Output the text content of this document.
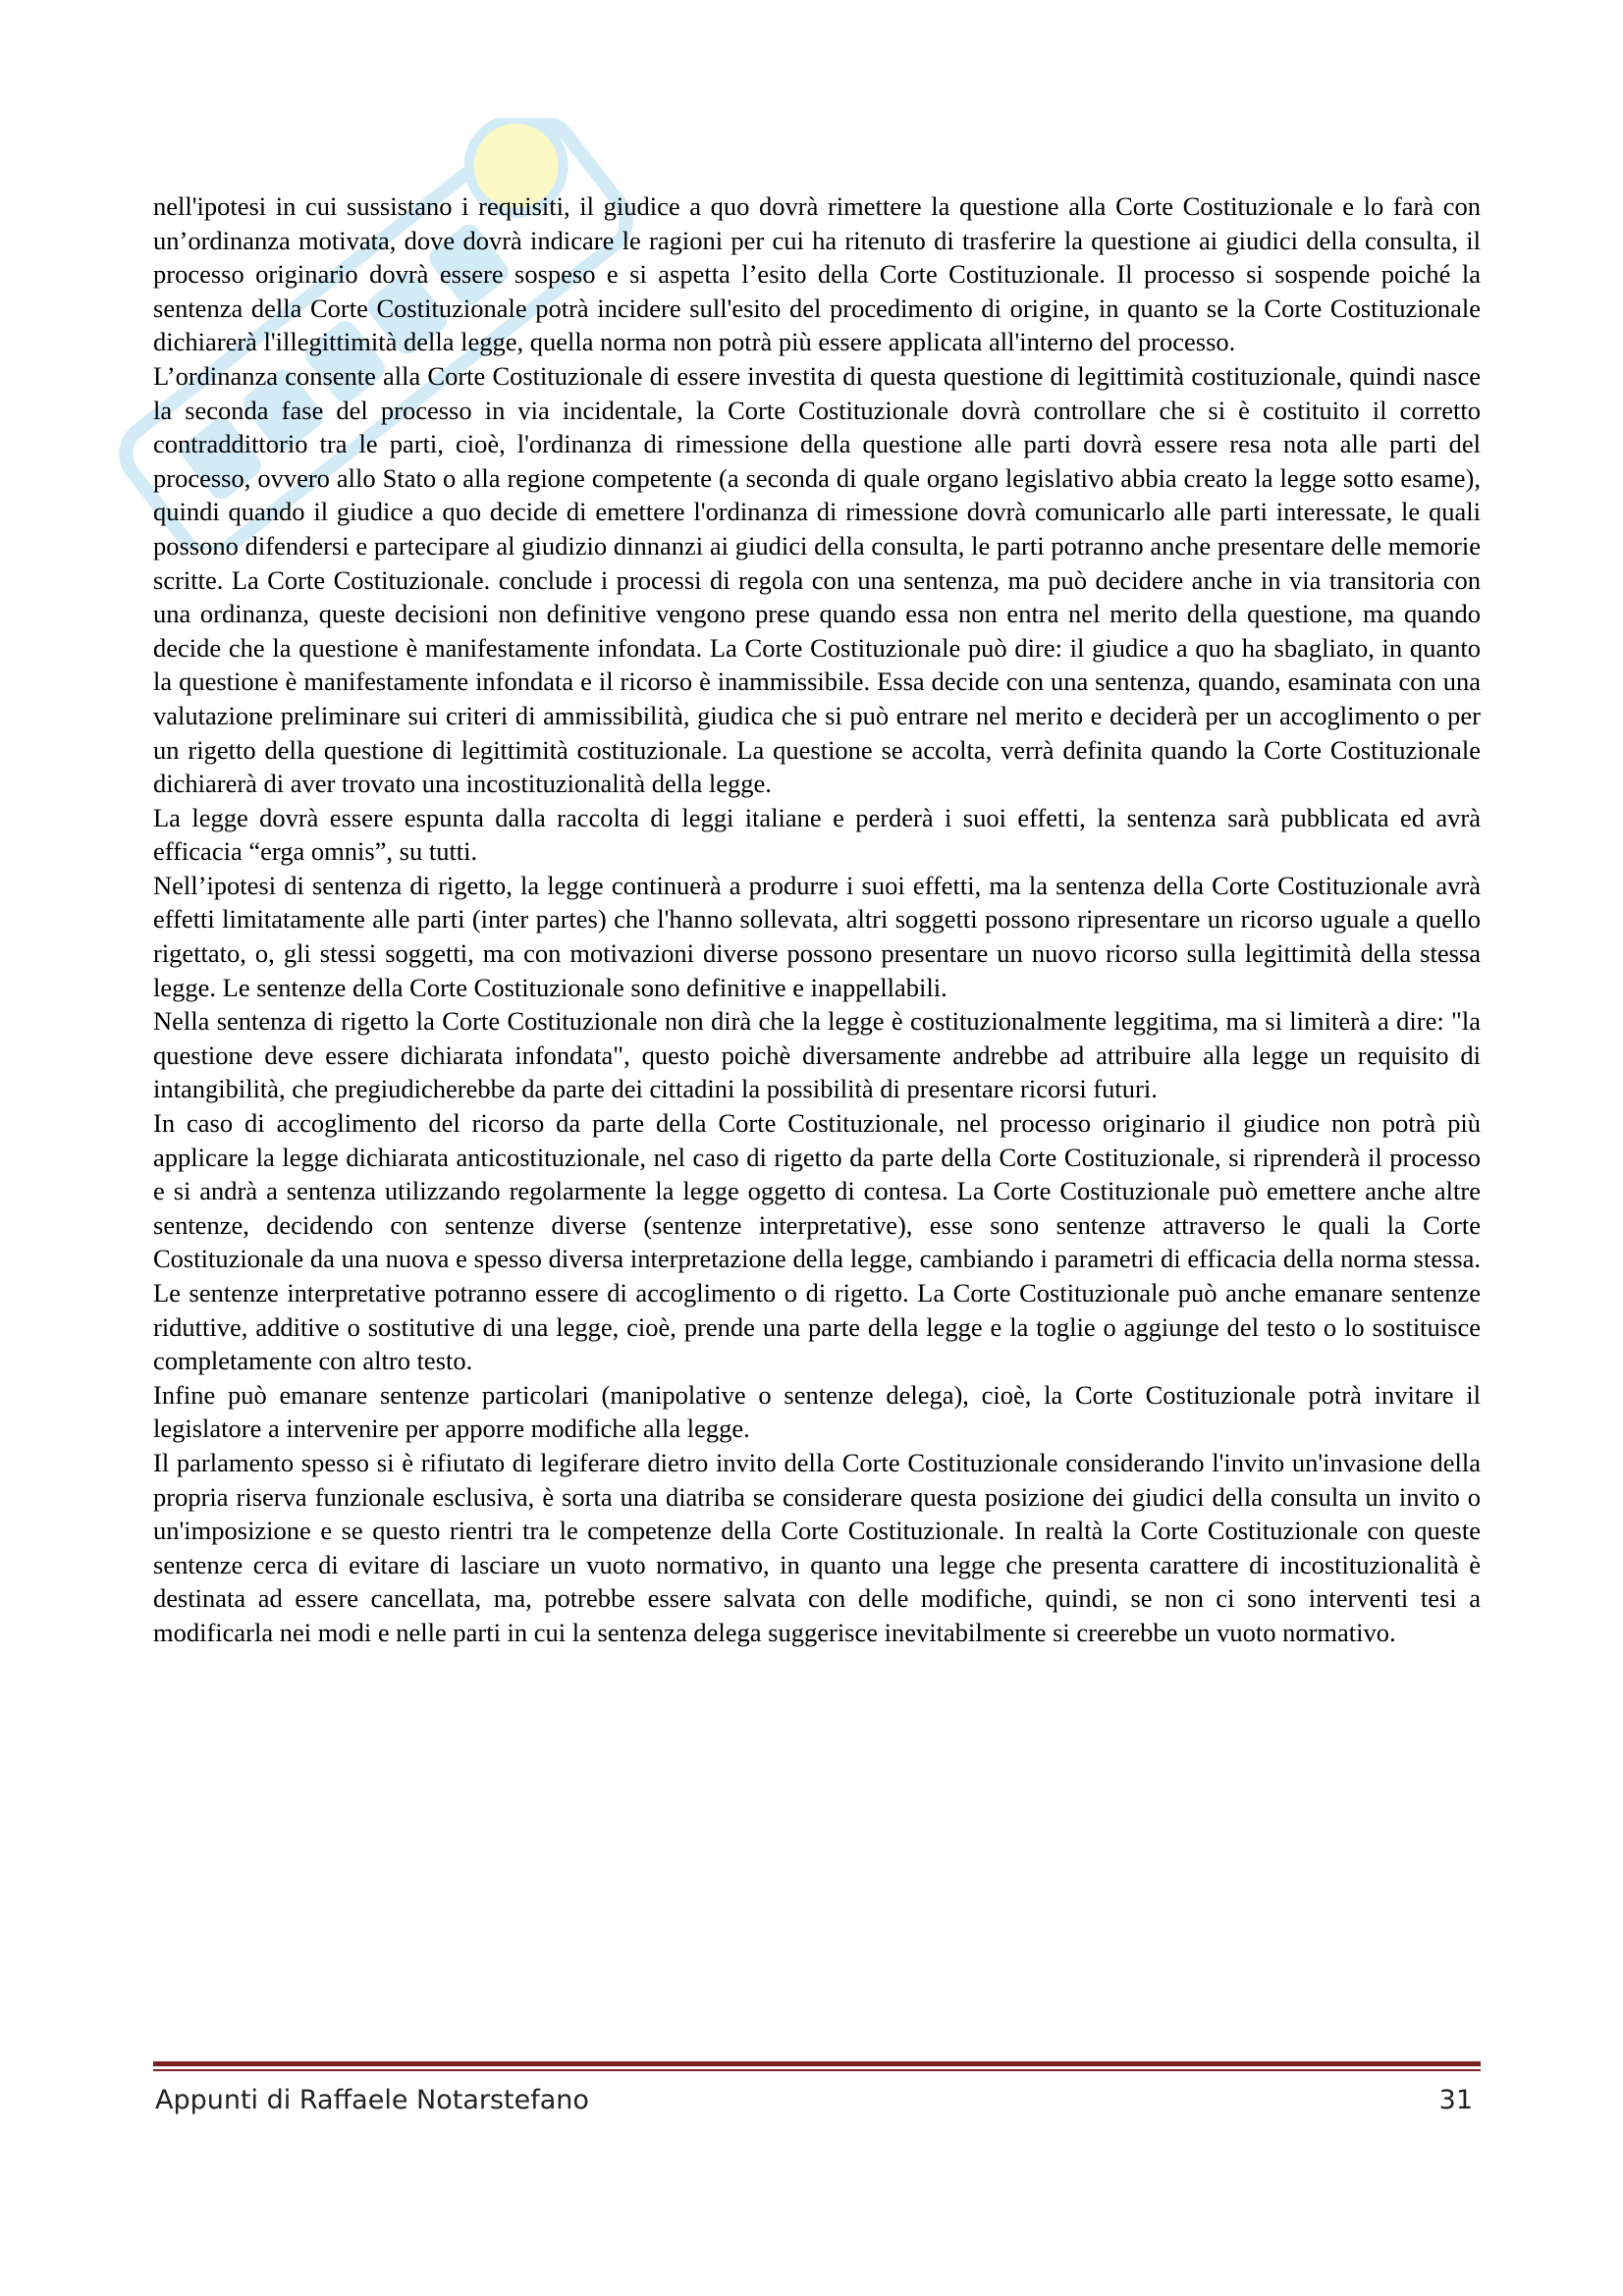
nell'ipotesi in cui sussistano i requisiti, il giudice a quo dovrà rimettere la questione alla Corte Costituzionale e lo farà con un’ordinanza motivata, dove dovrà indicare le ragioni per cui ha ritenuto di trasferire la questione ai giudici della consulta, il processo originario dovrà essere sospeso e si aspetta l’esito della Corte Costituzionale. Il processo si sospende poiché la sentenza della Corte Costituzionale potrà incidere sull'esito del procedimento di origine, in quanto se la Corte Costituzionale dichiarerà l'illegittimità della legge, quella norma non potrà più essere applicata all'interno del processo.

L’ordinanza consente alla Corte Costituzionale di essere investita di questa questione di legittimità costituzionale, quindi nasce la seconda fase del processo in via incidentale, la Corte Costituzionale dovrà controllare che si è costituito il corretto contraddittorio tra le parti, cioè, l'ordinanza di rimessione della questione alle parti dovrà essere resa nota alle parti del processo, ovvero allo Stato o alla regione competente (a seconda di quale organo legislativo abbia creato la legge sotto esame), quindi quando il giudice a quo decide di emettere l'ordinanza di rimessione dovrà comunicarlo alle parti interessate, le quali possono difendersi e partecipare al giudizio dinnanzi ai giudici della consulta, le parti potranno anche presentare delle memorie scritte. La Corte Costituzionale. conclude i processi di regola con una sentenza, ma può decidere anche in via transitoria con una ordinanza, queste decisioni non definitive vengono prese quando essa non entra nel merito della questione, ma quando decide che la questione è manifestamente infondata. La Corte Costituzionale può dire: il giudice a quo ha sbagliato, in quanto la questione è manifestamente infondata e il ricorso è inammissibile. Essa decide con una sentenza, quando, esaminata con una valutazione preliminare sui criteri di ammissibilità, giudica che si può entrare nel merito e deciderà per un accoglimento o per un rigetto della questione di legittimità costituzionale. La questione se accolta, verrà definita quando la Corte Costituzionale dichiarerà di aver trovato una incostituzionalità della legge.

La legge dovrà essere espunta dalla raccolta di leggi italiane e perderà i suoi effetti, la sentenza sarà pubblicata ed avrà efficacia “erga omnis”, su tutti.

Nell’ipotesi di sentenza di rigetto, la legge continuerà a produrre i suoi effetti, ma la sentenza della Corte Costituzionale avrà effetti limitatamente alle parti (inter partes) che l'hanno sollevata, altri soggetti possono ripresentare un ricorso uguale a quello rigettato, o, gli stessi soggetti, ma con motivazioni diverse possono presentare un nuovo ricorso sulla legittimità della stessa legge. Le sentenze della Corte Costituzionale sono definitive e inappellabili.

Nella sentenza di rigetto la Corte Costituzionale non dirà che la legge è costituzionalmente leggitima, ma si limiterà a dire: "la questione deve essere dichiarata infondata", questo poichè diversamente andrebbe ad attribuire alla legge un requisito di intangibilità, che pregiudicherebbe da parte dei cittadini la possibilità di presentare ricorsi futuri.

In caso di accoglimento del ricorso da parte della Corte Costituzionale, nel processo originario il giudice non potrà più applicare la legge dichiarata anticostituzionale, nel caso di rigetto da parte della Corte Costituzionale, si riprenderà il processo e si andrà a sentenza utilizzando regolarmente la legge oggetto di contesa. La Corte Costituzionale può emettere anche altre sentenze, decidendo con sentenze diverse (sentenze interpretative), esse sono sentenze attraverso le quali la Corte Costituzionale da una nuova e spesso diversa interpretazione della legge, cambiando i parametri di efficacia della norma stessa. Le sentenze interpretative potranno essere di accoglimento o di rigetto. La Corte Costituzionale può anche emanare sentenze riduttive, additive o sostitutive di una legge, cioè, prende una parte della legge e la toglie o aggiunge del testo o lo sostituisce completamente con altro testo.

Infine può emanare sentenze particolari (manipolative o sentenze delega), cioè, la Corte Costituzionale potrà invitare il legislatore a intervenire per apporre modifiche alla legge.

Il parlamento spesso si è rifiutato di legiferare dietro invito della Corte Costituzionale considerando l'invito un'invasione della propria riserva funzionale esclusiva, è sorta una diatriba se considerare questa posizione dei giudici della consulta un invito o un'imposizione e se questo rientri tra le competenze della Corte Costituzionale. In realtà la Corte Costituzionale con queste sentenze cerca di evitare di lasciare un vuoto normativo, in quanto una legge che presenta carattere di incostituzionalità è destinata ad essere cancellata, ma, potrebbe essere salvata con delle modifiche, quindi, se non ci sono interventi tesi a modificarla nei modi e nelle parti in cui la sentenza delega suggerisce inevitabilmente si creerebbe un vuoto normativo.

Appunti di Raffaele Notarstefano	31
